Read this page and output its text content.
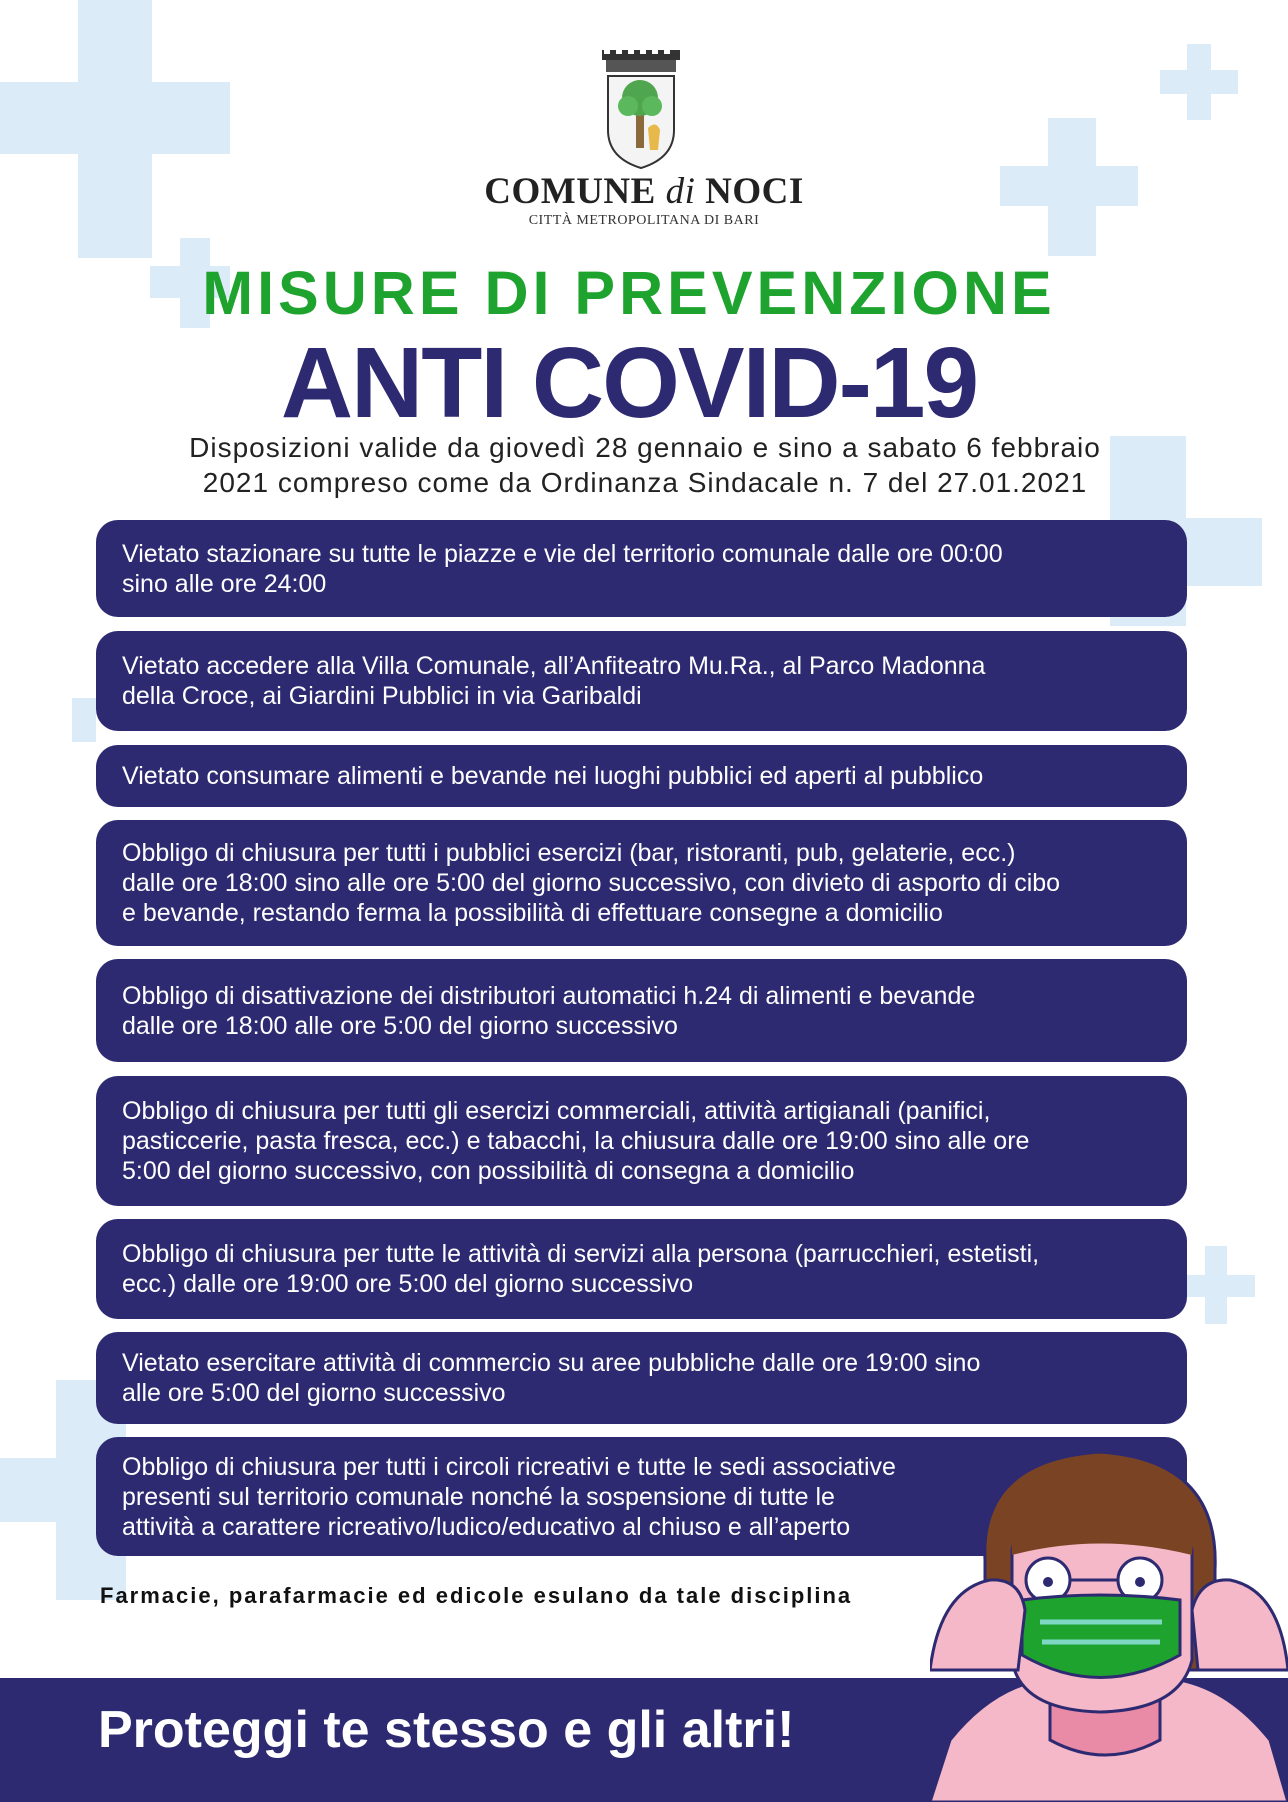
COMUNE di NOCI
CITTÀ METROPOLITANA DI BARI
MISURE DI PREVENZIONE
ANTI COVID-19
Disposizioni valide da giovedì 28 gennaio e sino a sabato 6 febbraio
2021 compreso come da Ordinanza Sindacale n. 7 del 27.01.2021
Vietato stazionare su tutte le piazze e vie del territorio comunale dalle ore 00:00
sino alle ore 24:00
Vietato accedere alla Villa Comunale, all’Anfiteatro Mu.Ra., al Parco Madonna
della Croce, ai Giardini Pubblici in via Garibaldi
Vietato consumare alimenti e bevande nei luoghi pubblici ed aperti al pubblico
Obbligo di chiusura per tutti i pubblici esercizi (bar, ristoranti, pub, gelaterie, ecc.)
dalle ore 18:00 sino alle ore 5:00 del giorno successivo, con divieto di asporto di cibo
e bevande, restando ferma la possibilità di effettuare consegne a domicilio
Obbligo di disattivazione dei distributori automatici h.24 di alimenti e bevande
dalle ore 18:00 alle ore 5:00 del giorno successivo
Obbligo di chiusura per tutti gli esercizi commerciali, attività artigianali (panifici,
pasticcerie, pasta fresca, ecc.) e tabacchi, la chiusura dalle ore 19:00 sino alle ore
5:00 del giorno successivo, con possibilità di consegna a domicilio
Obbligo di chiusura per tutte le attività di servizi alla persona (parrucchieri, estetisti,
ecc.) dalle ore 19:00 ore 5:00 del giorno successivo
Vietato esercitare attività di commercio su aree pubbliche dalle ore 19:00 sino
alle ore 5:00 del giorno successivo
Obbligo di chiusura per tutti i circoli ricreativi e tutte le sedi associative
presenti sul territorio comunale nonché la sospensione di tutte le
attività a carattere ricreativo/ludico/educativo al chiuso e all’aperto
Farmacie, parafarmacie ed edicole esulano da tale disciplina
Proteggi te stesso e gli altri!
